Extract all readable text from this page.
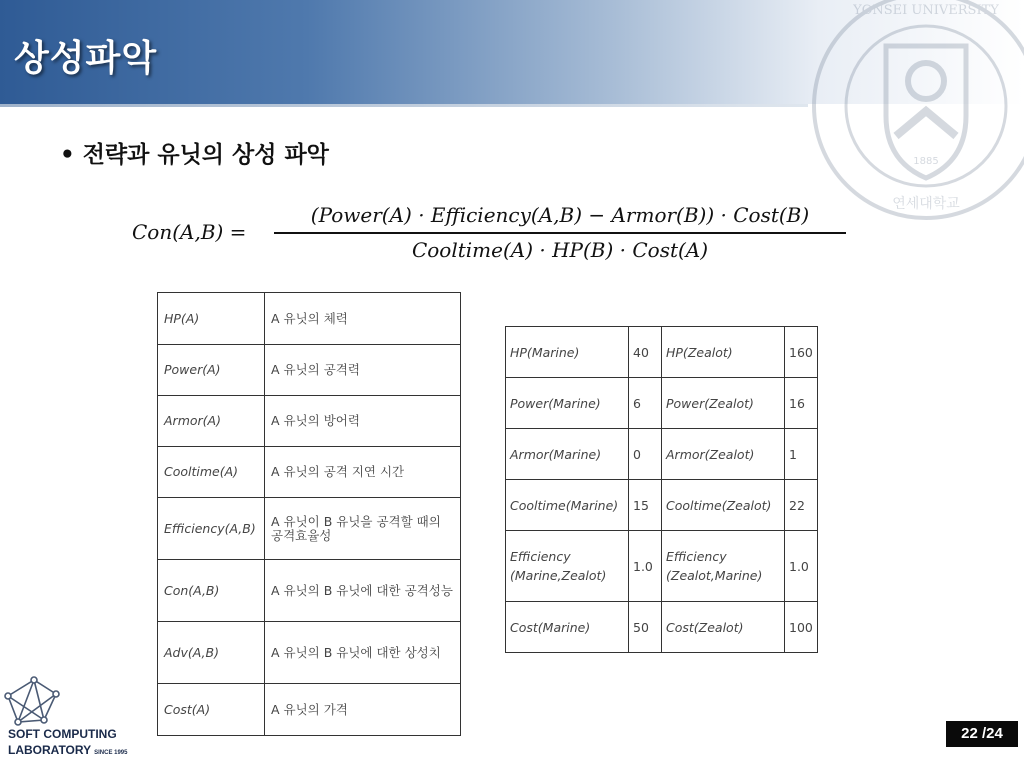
상성파악
1885
YONSEI UNIVERSITY
연세대학교
• 전략과 유닛의 상성 파악
Con(A,B) =
(Power(A) · Efficiency(A,B) − Armor(B)) · Cost(B)
Cooltime(A) · HP(B) · Cost(A)
HP(A)	A 유닛의 체력
Power(A)	A 유닛의 공격력
Armor(A)	A 유닛의 방어력
Cooltime(A)	A 유닛의 공격 지연 시간
Efficiency(A,B)	A 유닛이 B 유닛을 공격할 때의 공격효율성
Con(A,B)	A 유닛의 B 유닛에 대한 공격성능
Adv(A,B)	A 유닛의 B 유닛에 대한 상성치
Cost(A)	A 유닛의 가격
HP(Marine)	40	HP(Zealot)	160
Power(Marine)	6	Power(Zealot)	16
Armor(Marine)	0	Armor(Zealot)	1
Cooltime(Marine)	15	Cooltime(Zealot)	22
Efficiency (Marine,Zealot)	1.0	Efficiency (Zealot,Marine)	1.0
Cost(Marine)	50	Cost(Zealot)	100
SOFT COMPUTING
LABORATORY SINCE 1995
22 /24
